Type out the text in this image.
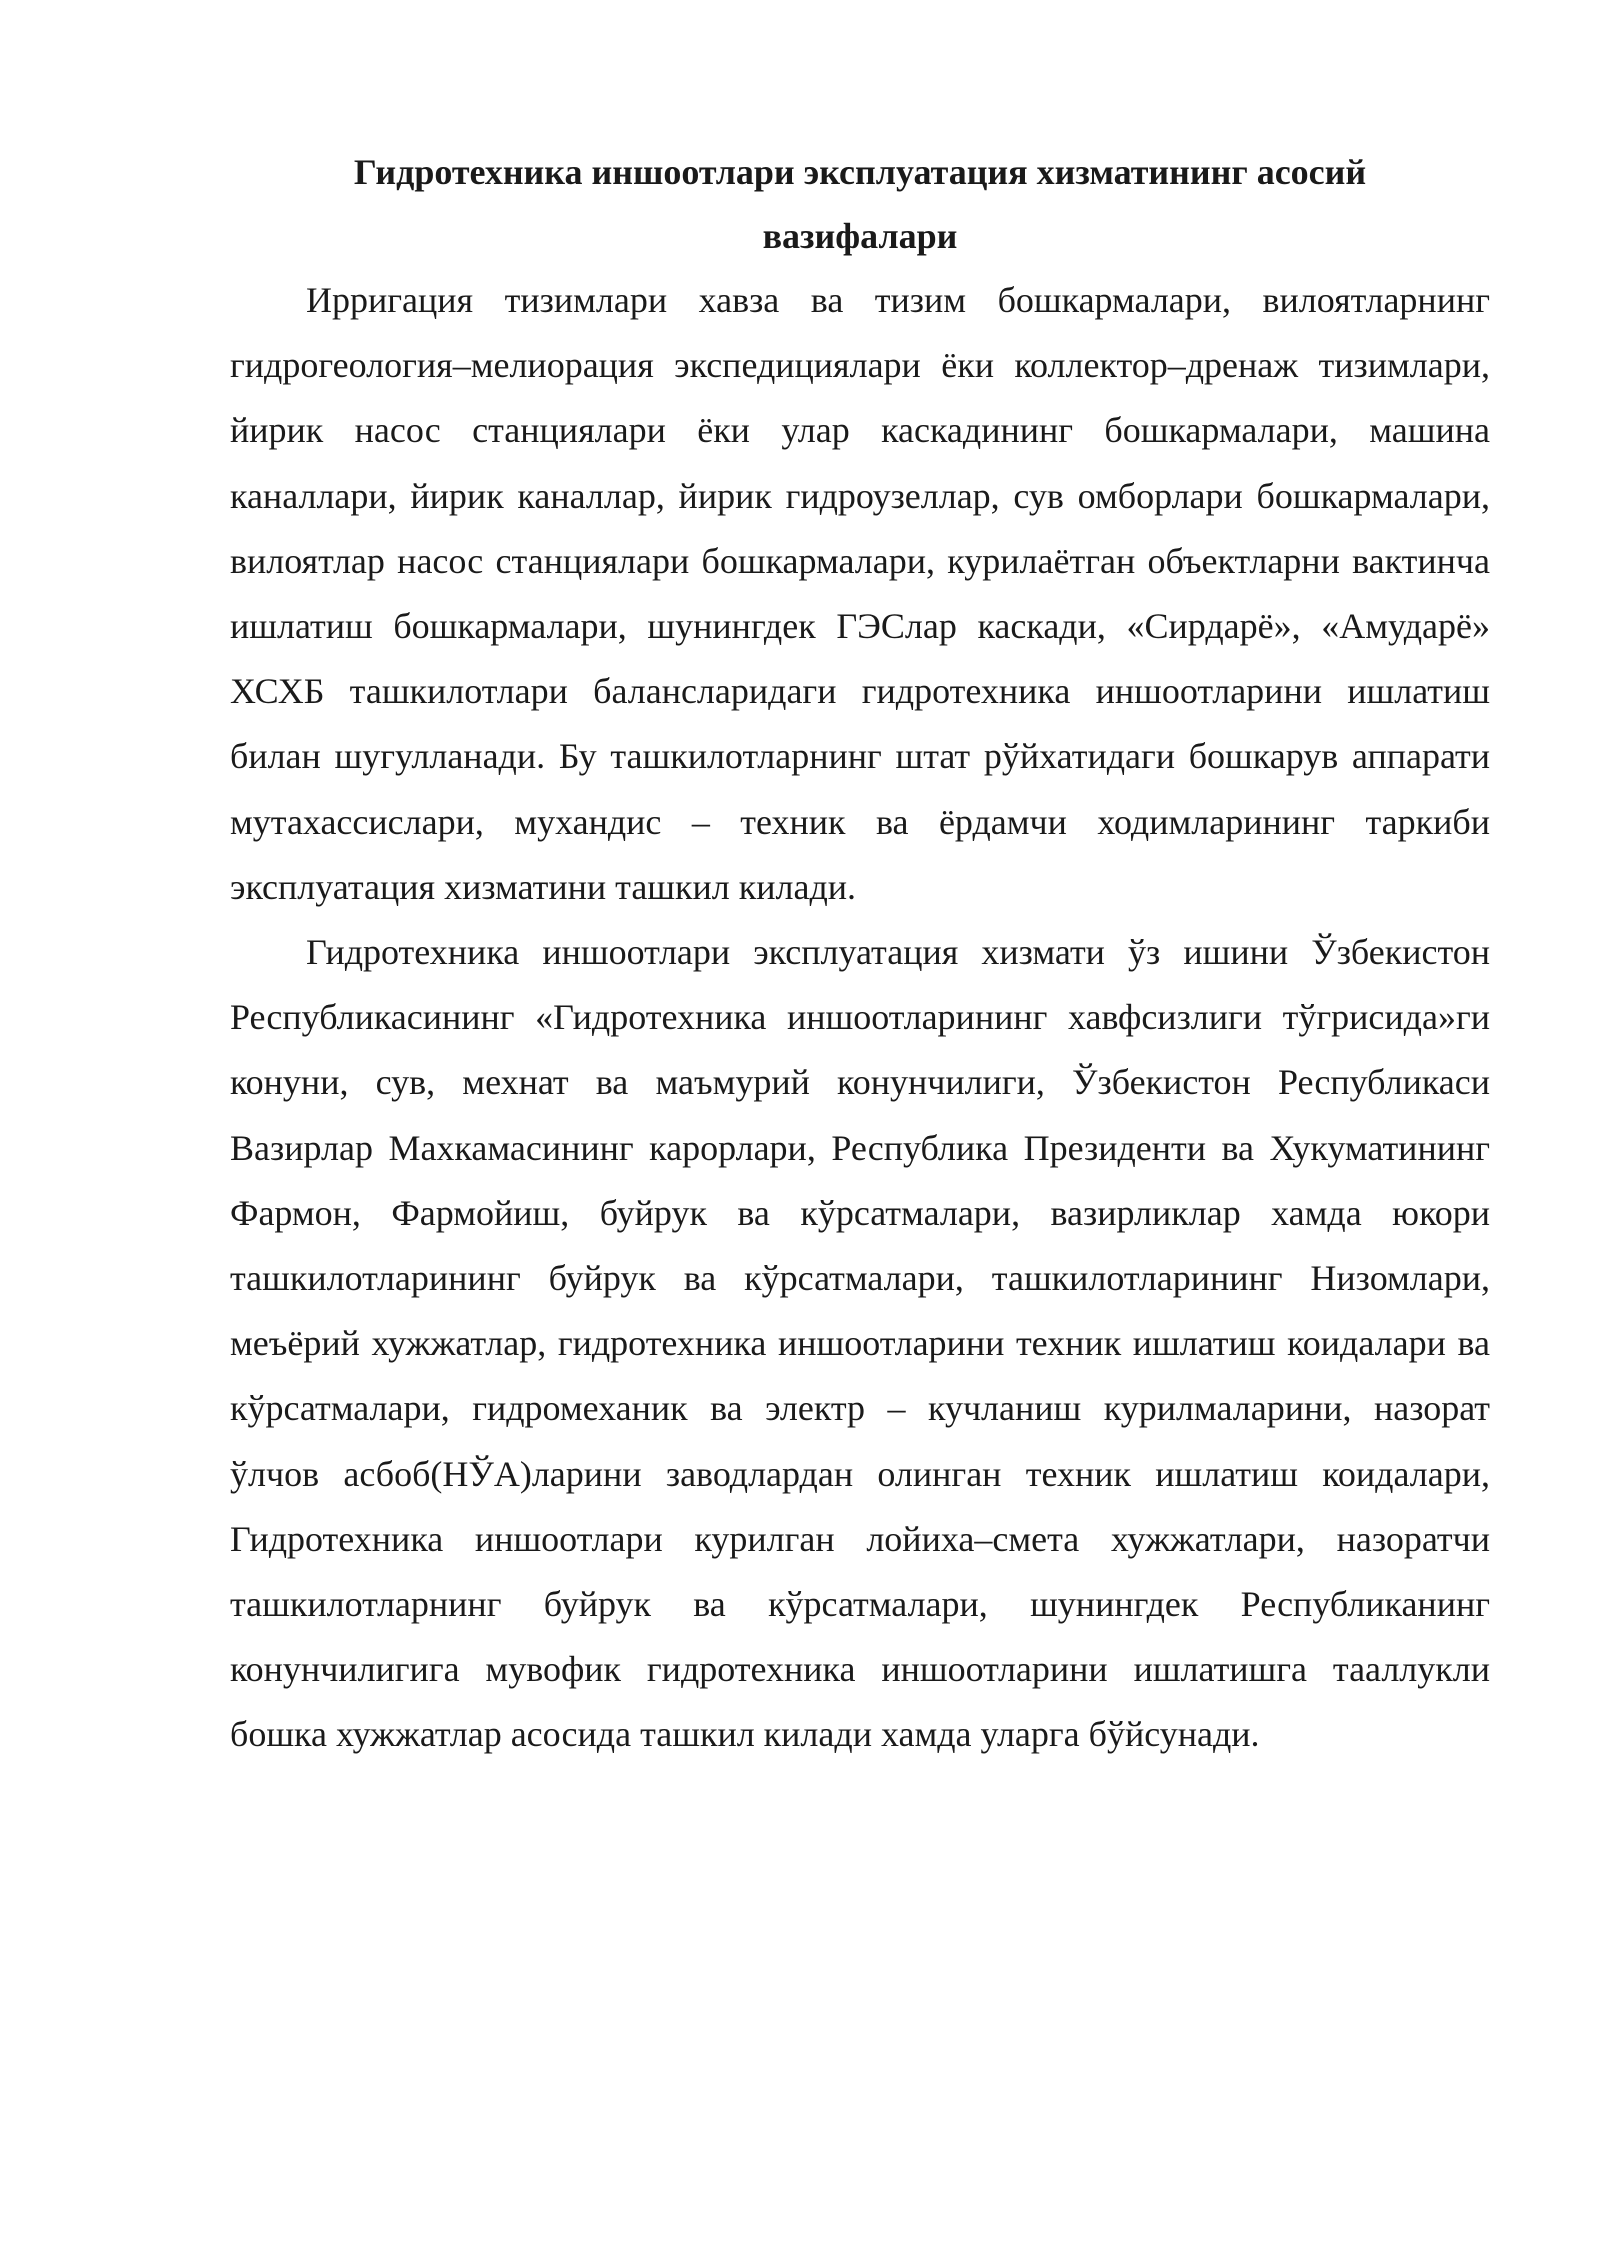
Гидротехника иншоотлари эксплуатация хизматининг асосий
вазифалари

Ирригация тизимлари хавза ва тизим бошкармалари, вилоятларнинг гидрогеология–мелиорация экспедициялари ёки коллектор–дренаж тизимлари, йирик насос станциялари ёки улар каскадининг бошкармалари, машина каналлари, йирик каналлар, йирик гидроузеллар, сув омборлари бошкармалари, вилоятлар насос станциялари бошкармалари, курилаётган объектларни вактинча ишлатиш бошкармалари, шунингдек ГЭСлар каскади, «Сирдарё», «Амударё» ХСХБ ташкилотлари балансларидаги гидротехника иншоотларини ишлатиш билан шугулланади. Бу ташкилотларнинг штат рўйхатидаги бошкарув аппарати мутахассислари, мухандис – техник ва ёрдамчи ходимларининг таркиби эксплуатация хизматини ташкил килади.

Гидротехника иншоотлари эксплуатация хизмати ўз ишини Ўзбекистон Республикасининг «Гидротехника иншоотларининг хавфсизлиги тўгрисида»ги конуни, сув, мехнат ва маъмурий конунчилиги, Ўзбекистон Республикаси Вазирлар Махкамасининг карорлари, Республика Президенти ва Хукуматининг Фармон, Фармойиш, буйрук ва кўрсатмалари, вазирликлар хамда юкори ташкилотларининг буйрук ва кўрсатмалари, ташкилотларининг Низомлари, меъёрий хужжатлар, гидротехника иншоотларини техник ишлатиш коидалари ва кўрсатмалари, гидромеханик ва электр – кучланиш курилмаларини, назорат ўлчов асбоб(НЎА)ларини заводлардан олинган техник ишлатиш коидалари, Гидротехника иншоотлари курилган лойиха–смета хужжатлари, назоратчи ташкилотларнинг буйрук ва кўрсатмалари, шунингдек Республиканинг конунчилигига мувофик гидротехника иншоотларини ишлатишга тааллукли бошка хужжатлар асосида ташкил килади хамда уларга бўйсунади.
